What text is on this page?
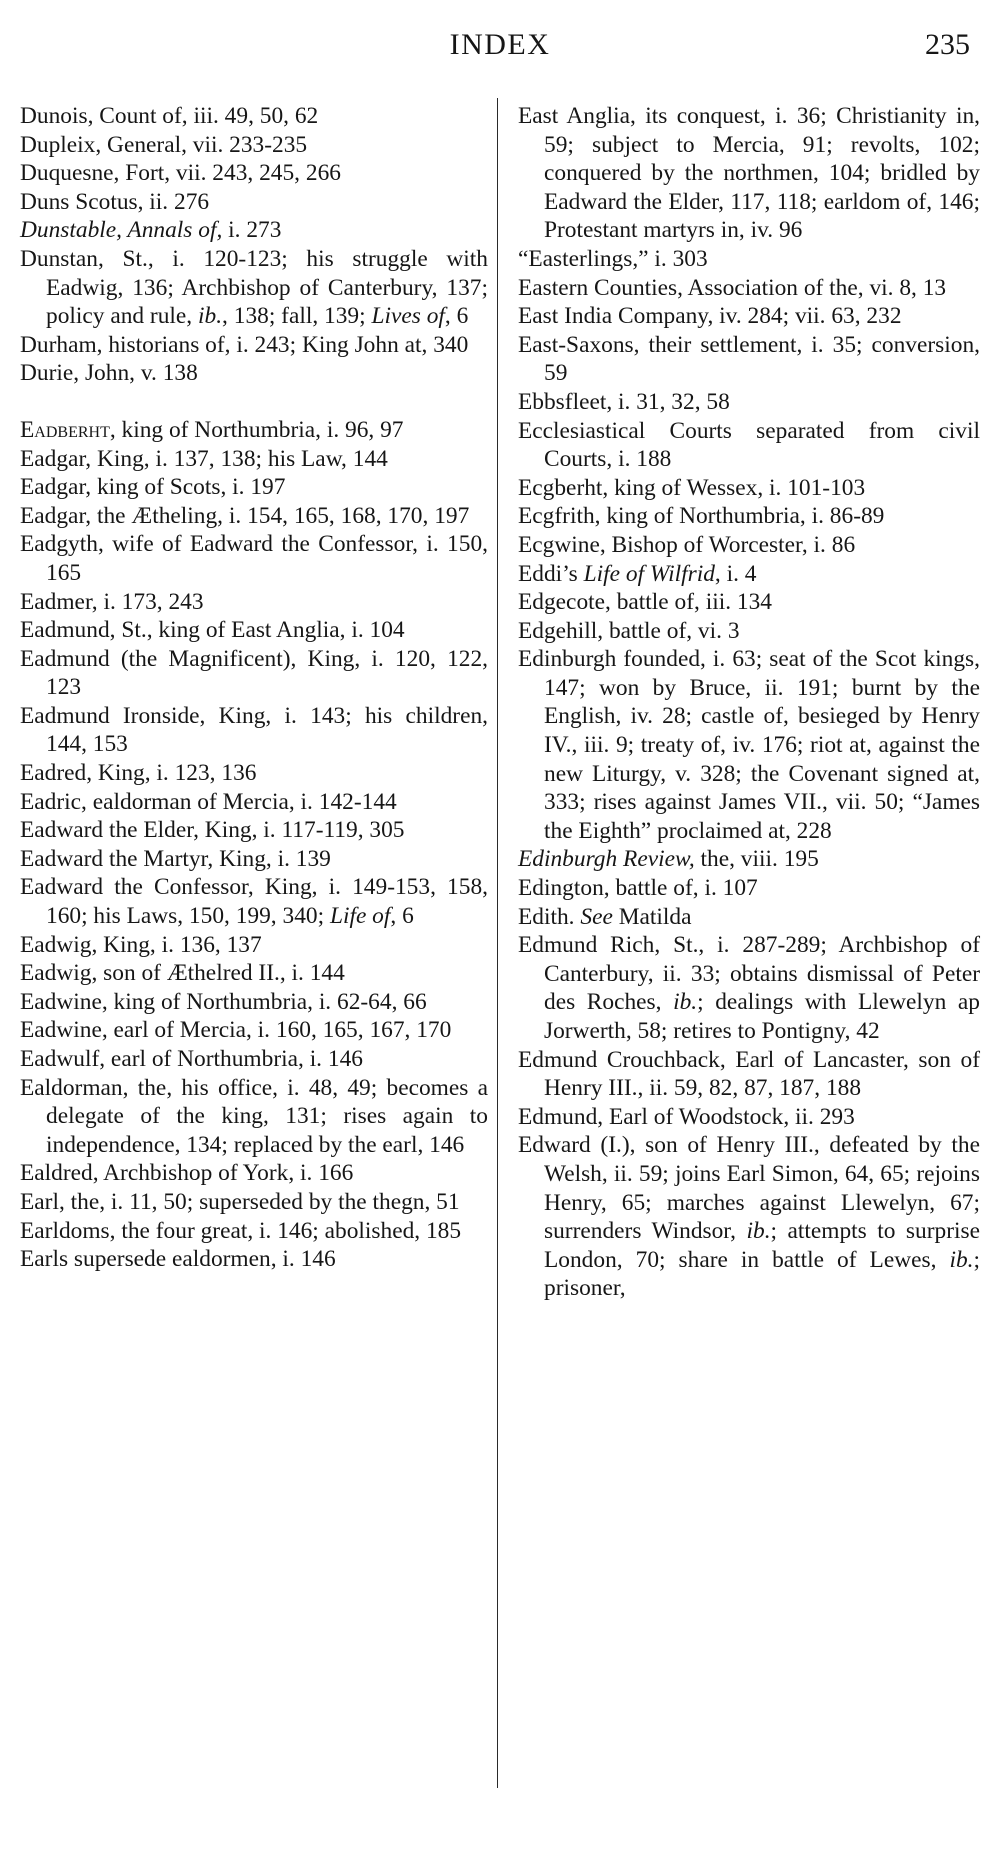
INDEX	235

Dunois, Count of, iii. 49, 50, 62

Dupleix, General, vii. 233-235

Duquesne, Fort, vii. 243, 245, 266

Duns Scotus, ii. 276

Dunstable, Annals of, i. 273

Dunstan, St., i. 120-123; his struggle with Eadwig, 136; Archbishop of Canterbury, 137; policy and rule, ib., 138; fall, 139; Lives of, 6

Durham, historians of, i. 243; King John at, 340

Durie, John, v. 138

Eadberht, king of Northumbria, i. 96, 97

Eadgar, King, i. 137, 138; his Law, 144

Eadgar, king of Scots, i. 197

Eadgar, the Ætheling, i. 154, 165, 168, 170, 197

Eadgyth, wife of Eadward the Confessor, i. 150, 165

Eadmer, i. 173, 243

Eadmund, St., king of East Anglia, i. 104

Eadmund (the Magnificent), King, i. 120, 122, 123

Eadmund Ironside, King, i. 143; his children, 144, 153

Eadred, King, i. 123, 136

Eadric, ealdorman of Mercia, i. 142-144

Eadward the Elder, King, i. 117-119, 305

Eadward the Martyr, King, i. 139

Eadward the Confessor, King, i. 149-153, 158, 160; his Laws, 150, 199, 340; Life of, 6

Eadwig, King, i. 136, 137

Eadwig, son of Æthelred II., i. 144

Eadwine, king of Northumbria, i. 62-64, 66

Eadwine, earl of Mercia, i. 160, 165, 167, 170

Eadwulf, earl of Northumbria, i. 146

Ealdorman, the, his office, i. 48, 49; becomes a delegate of the king, 131; rises again to independence, 134; replaced by the earl, 146

Ealdred, Archbishop of York, i. 166

Earl, the, i. 11, 50; superseded by the thegn, 51

Earldoms, the four great, i. 146; abolished, 185

Earls supersede ealdormen, i. 146

East Anglia, its conquest, i. 36; Christianity in, 59; subject to Mercia, 91; revolts, 102; conquered by the northmen, 104; bridled by Eadward the Elder, 117, 118; earldom of, 146; Protestant martyrs in, iv. 96

“Easterlings,” i. 303

Eastern Counties, Association of the, vi. 8, 13

East India Company, iv. 284; vii. 63, 232

East-Saxons, their settlement, i. 35; conversion, 59

Ebbsfleet, i. 31, 32, 58

Ecclesiastical Courts separated from civil Courts, i. 188

Ecgberht, king of Wessex, i. 101-103

Ecgfrith, king of Northumbria, i. 86-89

Ecgwine, Bishop of Worcester, i. 86

Eddi’s Life of Wilfrid, i. 4

Edgecote, battle of, iii. 134

Edgehill, battle of, vi. 3

Edinburgh founded, i. 63; seat of the Scot kings, 147; won by Bruce, ii. 191; burnt by the English, iv. 28; castle of, besieged by Henry IV., iii. 9; treaty of, iv. 176; riot at, against the new Liturgy, v. 328; the Covenant signed at, 333; rises against James VII., vii. 50; “James the Eighth” proclaimed at, 228

Edinburgh Review, the, viii. 195

Edington, battle of, i. 107

Edith. See Matilda

Edmund Rich, St., i. 287-289; Archbishop of Canterbury, ii. 33; obtains dismissal of Peter des Roches, ib.; dealings with Llewelyn ap Jorwerth, 58; retires to Pontigny, 42

Edmund Crouchback, Earl of Lancaster, son of Henry III., ii. 59, 82, 87, 187, 188

Edmund, Earl of Woodstock, ii. 293

Edward (I.), son of Henry III., defeated by the Welsh, ii. 59; joins Earl Simon, 64, 65; rejoins Henry, 65; marches against Llewelyn, 67; surrenders Windsor, ib.; attempts to surprise London, 70; share in battle of Lewes, ib.; prisoner,
